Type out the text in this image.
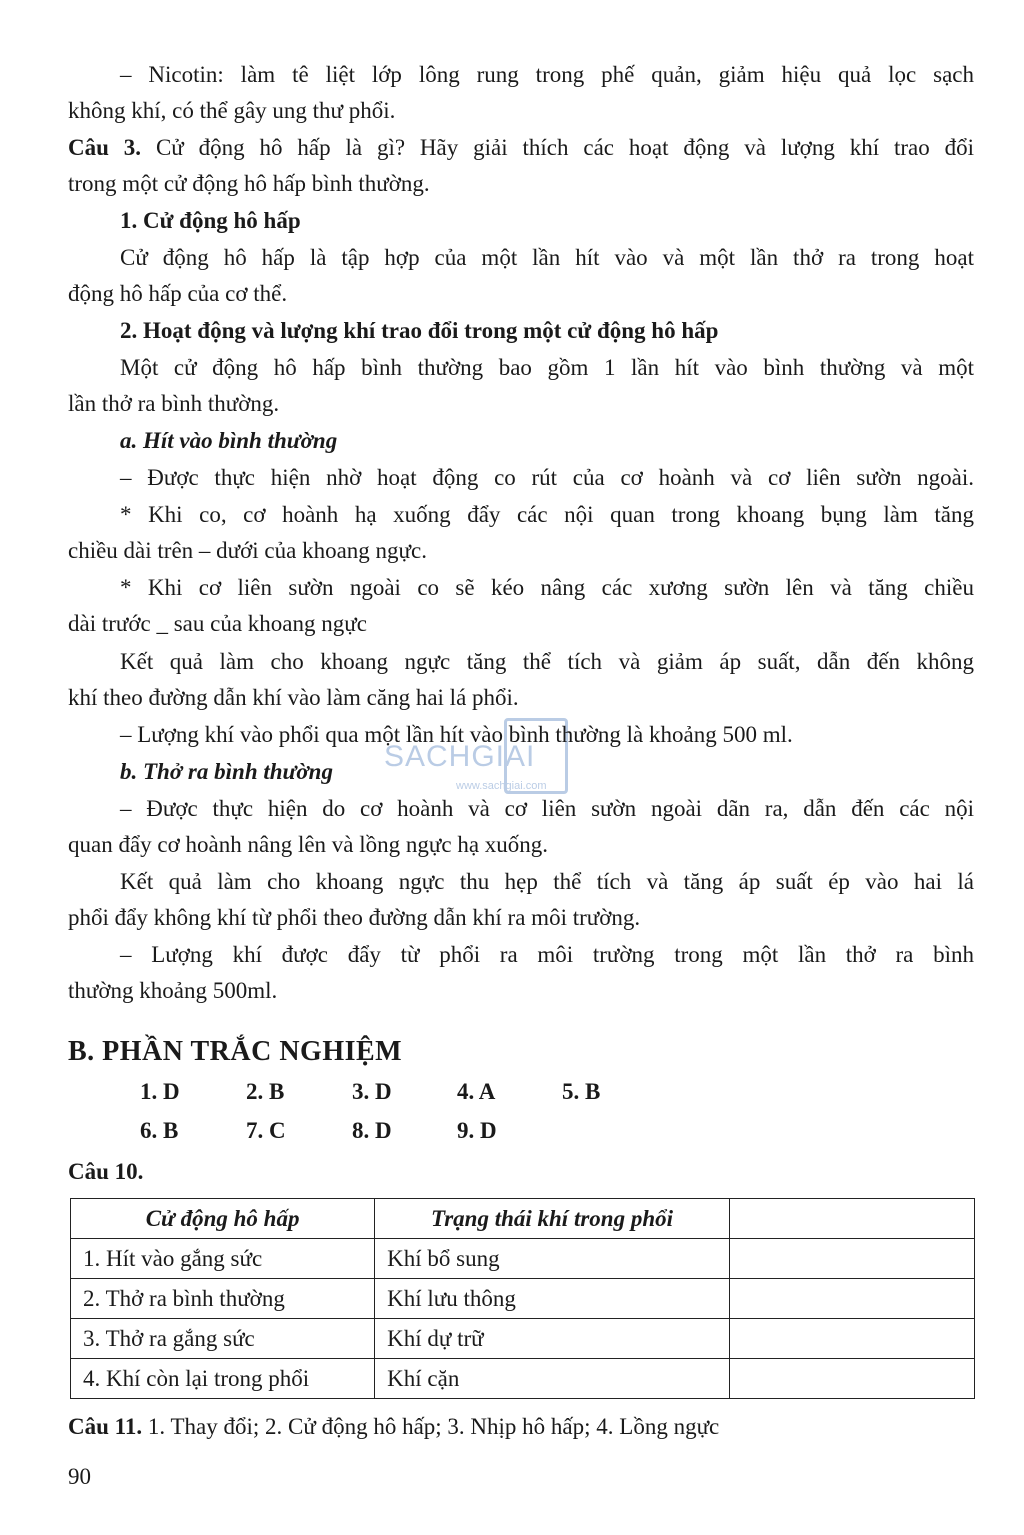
SACHGIAI
www.sachgiai.com
– Nicotin: làm tê liệt lớp lông rung trong phế quản, giảm hiệu quả lọc sạch
không khí, có thể gây ung thư phổi.
Câu 3. Cử động hô hấp là gì? Hãy giải thích các hoạt động và lượng khí trao đổi
trong một cử động hô hấp bình thường.
1. Cử động hô hấp
Cử động hô hấp là tập hợp của một lần hít vào và một lần thở ra trong hoạt
động hô hấp của cơ thể.
2. Hoạt động và lượng khí trao đổi trong một cử động hô hấp
Một cử động hô hấp bình thường bao gồm 1 lần hít vào bình thường và một
lần thở ra bình thường.
a. Hít vào bình thường
– Được thực hiện nhờ hoạt động co rút của cơ hoành và cơ liên sườn ngoài.
* Khi co, cơ hoành hạ xuống đẩy các nội quan trong khoang bụng làm tăng
chiều dài trên – dưới của khoang ngực.
* Khi cơ liên sườn ngoài co sẽ kéo nâng các xương sườn lên và tăng chiều
dài trước _ sau của khoang ngực
Kết quả làm cho khoang ngực tăng thể tích và giảm áp suất, dẫn đến không
khí theo đường dẫn khí vào làm căng hai lá phổi.
– Lượng khí vào phổi qua một lần hít vào bình thường là khoảng 500 ml.
b. Thở ra bình thường
– Được thực hiện do cơ hoành và cơ liên sườn ngoài dãn ra, dẫn đến các nội
quan đẩy cơ hoành nâng lên và lồng ngực hạ xuống.
Kết quả làm cho khoang ngực thu hẹp thể tích và tăng áp suất ép vào hai lá
phổi đẩy không khí từ phổi theo đường dẫn khí ra môi trường.
– Lượng khí được đẩy từ phổi ra môi trường trong một lần thở ra bình
thường khoảng 500ml.
B. PHẦN TRẮC NGHIỆM
1. D	2. B	3. D	4. A	5. B
6. B	7. C	8. D	9. D
Câu 10.
Cử động hô hấp	Trạng thái khí trong phổi	
1. Hít vào gắng sức	Khí bổ sung	
2. Thở ra bình thường	Khí lưu thông	
3. Thở ra gắng sức	Khí dự trữ	
4. Khí còn lại trong phổi	Khí cặn	
Câu 11. 1. Thay đổi; 2. Cử động hô hấp; 3. Nhịp hô hấp; 4. Lồng ngực
90
